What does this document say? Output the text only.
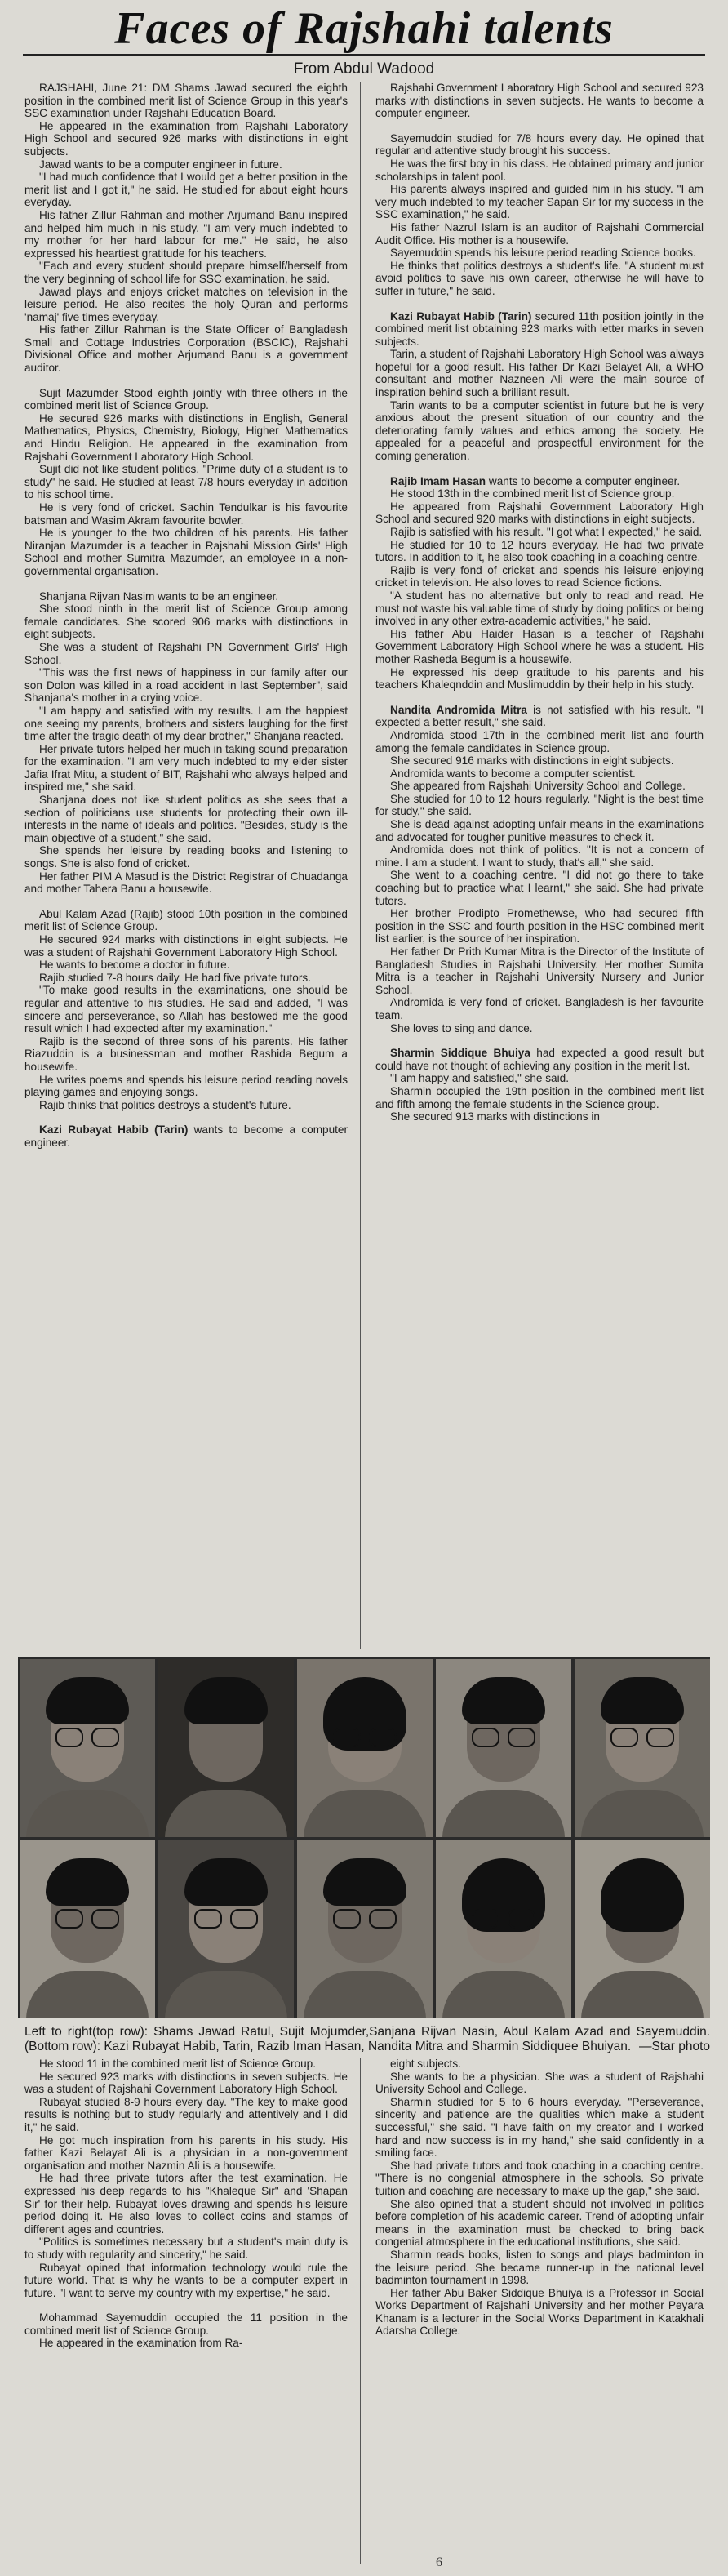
Faces of Rajshahi talents
From Abdul Wadood

RAJSHAHI, June 21: DM Shams Jawad secured the eighth position in the combined merit list of Science Group in this year's SSC examination under Rajshahi Education Board.

He appeared in the examination from Rajshahi Laboratory High School and secured 926 marks with distinctions in eight subjects.

Jawad wants to be a computer engineer in future.

"I had much confidence that I would get a better position in the merit list and I got it," he said. He studied for about eight hours everyday.

His father Zillur Rahman and mother Arjumand Banu inspired and helped him much in his study. "I am very much indebted to my mother for her hard labour for me." He said, he also expressed his heartiest gratitude for his teachers.

"Each and every student should prepare himself/herself from the very beginning of school life for SSC examination, he said.

Jawad plays and enjoys cricket matches on television in the leisure period. He also recites the holy Quran and performs 'namaj' five times everyday.

His father Zillur Rahman is the State Officer of Bangladesh Small and Cottage Industries Corporation (BSCIC), Rajshahi Divisional Office and mother Arjumand Banu is a government auditor.

Sujit Mazumder Stood eighth jointly with three others in the combined merit list of Science Group.

He secured 926 marks with distinctions in English, General Mathematics, Physics, Chemistry, Biology, Higher Mathematics and Hindu Religion. He appeared in the examination from Rajshahi Government Laboratory High School.

Sujit did not like student politics. "Prime duty of a student is to study" he said. He studied at least 7/8 hours everyday in addition to his school time.

He is very fond of cricket. Sachin Tendulkar is his favourite batsman and Wasim Akram favourite bowler.

He is younger to the two children of his parents. His father Niranjan Mazumder is a teacher in Rajshahi Mission Girls' High School and mother Sumitra Mazumder, an employee in a non-governmental organisation.

Shanjana Rijvan Nasim wants to be an engineer.

She stood ninth in the merit list of Science Group among female candidates. She scored 906 marks with distinctions in eight subjects.

She was a student of Rajshahi PN Government Girls' High School.

"This was the first news of happiness in our family after our son Dolon was killed in a road accident in last September", said Shanjana's mother in a crying voice.

"I am happy and satisfied with my results. I am the happiest one seeing my parents, brothers and sisters laughing for the first time after the tragic death of my dear brother," Shanjana reacted.

Her private tutors helped her much in taking sound preparation for the examination. "I am very much indebted to my elder sister Jafia Ifrat Mitu, a student of BIT, Rajshahi who always helped and inspired me," she said.

Shanjana does not like student politics as she sees that a section of politicians use students for protecting their own ill-interests in the name of ideals and politics. "Besides, study is the main objective of a student," she said.

She spends her leisure by reading books and listening to songs. She is also fond of cricket.

Her father PIM A Masud is the District Registrar of Chuadanga and mother Tahera Banu a housewife.

Abul Kalam Azad (Rajib) stood 10th position in the combined merit list of Science Group.

He secured 924 marks with distinctions in eight subjects. He was a student of Rajshahi Government Laboratory High School.

He wants to become a doctor in future.

Rajib studied 7-8 hours daily. He had five private tutors.

"To make good results in the examinations, one should be regular and attentive to his studies. He said and added, "I was sincere and perseverance, so Allah has bestowed me the good result which I had expected after my examination."

Rajib is the second of three sons of his parents. His father Riazuddin is a businessman and mother Rashida Begum a housewife.

He writes poems and spends his leisure period reading novels playing games and enjoying songs.

Rajib thinks that politics destroys a student's future.

Kazi Rubayat Habib (Tarin) wants to become a computer engineer.

Rajshahi Government Laboratory High School and secured 923 marks with distinctions in seven subjects. He wants to become a computer engineer.

Sayemuddin studied for 7/8 hours every day. He opined that regular and attentive study brought his success.

He was the first boy in his class. He obtained primary and junior scholarships in talent pool.

His parents always inspired and guided him in his study. "I am very much indebted to my teacher Sapan Sir for my success in the SSC examination," he said.

His father Nazrul Islam is an auditor of Rajshahi Commercial Audit Office. His mother is a housewife.

Sayemuddin spends his leisure period reading Science books.

He thinks that politics destroys a student's life. "A student must avoid politics to save his own career, otherwise he will have to suffer in future," he said.

Kazi Rubayat Habib (Tarin) secured 11th position jointly in the combined merit list obtaining 923 marks with letter marks in seven subjects.

Tarin, a student of Rajshahi Laboratory High School was always hopeful for a good result. His father Dr Kazi Belayet Ali, a WHO consultant and mother Nazneen Ali were the main source of inspiration behind such a brilliant result.

Tarin wants to be a computer scientist in future but he is very anxious about the present situation of our country and the deteriorating family values and ethics among the society. He appealed for a peaceful and prospectful environment for the coming generation.

Rajib Imam Hasan wants to become a computer engineer.

He stood 13th in the combined merit list of Science group.

He appeared from Rajshahi Government Laboratory High School and secured 920 marks with distinctions in eight subjects.

Rajib is satisfied with his result. "I got what I expected," he said.

He studied for 10 to 12 hours everyday. He had two private tutors. In addition to it, he also took coaching in a coaching centre.

Rajib is very fond of cricket and spends his leisure enjoying cricket in television. He also loves to read Science fictions.

"A student has no alternative but only to read and read. He must not waste his valuable time of study by doing politics or being involved in any other extra-academic activities," he said.

His father Abu Haider Hasan is a teacher of Rajshahi Government Laboratory High School where he was a student. His mother Rasheda Begum is a housewife.

He expressed his deep gratitude to his parents and his teachers Khaleqnddin and Muslimuddin by their help in his study.

Nandita Andromida Mitra is not satisfied with his result. "I expected a better result," she said.

Andromida stood 17th in the combined merit list and fourth among the female candidates in Science group.

She secured 916 marks with distinctions in eight subjects.

Andromida wants to become a computer scientist.

She appeared from Rajshahi University School and College.

She studied for 10 to 12 hours regularly. "Night is the best time for study," she said.

She is dead against adopting unfair means in the examinations and advocated for tougher punitive measures to check it.

Andromida does not think of politics. "It is not a concern of mine. I am a student. I want to study, that's all," she said.

She went to a coaching centre. "I did not go there to take coaching but to practice what I learnt," she said. She had private tutors.

Her brother Prodipto Promethewse, who had secured fifth position in the SSC and fourth position in the HSC combined merit list earlier, is the source of her inspiration.

Her father Dr Prith Kumar Mitra is the Director of the Institute of Bangladesh Studies in Rajshahi University. Her mother Sumita Mitra is a teacher in Rajshahi University Nursery and Junior School.

Andromida is very fond of cricket. Bangladesh is her favourite team.

She loves to sing and dance.

Sharmin Siddique Bhuiya had expected a good result but could have not thought of achieving any position in the merit list.

"I am happy and satisfied," she said.

Sharmin occupied the 19th position in the combined merit list and fifth among the female students in the Science group.

She secured 913 marks with distinctions in

Left to right(top row): Shams Jawad Ratul, Sujit Mojumder,Sanjana Rijvan Nasin, Abul Kalam Azad and Sayemuddin. (Bottom row): Kazi Rubayat Habib, Tarin, Razib Iman Hasan, Nandita Mitra and Sharmin Siddiquee Bhuiyan. —Star photo

He stood 11 in the combined merit list of Science Group.

He secured 923 marks with distinctions in seven subjects. He was a student of Rajshahi Government Laboratory High School.

Rubayat studied 8-9 hours every day. "The key to make good results is nothing but to study regularly and attentively and I did it," he said.

He got much inspiration from his parents in his study. His father Kazi Belayat Ali is a physician in a non-government organisation and mother Nazmin Ali is a housewife.

He had three private tutors after the test examination. He expressed his deep regards to his "Khaleque Sir" and 'Shapan Sir' for their help. Rubayat loves drawing and spends his leisure period doing it. He also loves to collect coins and stamps of different ages and countries.

"Politics is sometimes necessary but a student's main duty is to study with regularity and sincerity," he said.

Rubayat opined that information technology would rule the future world. That is why he wants to be a computer expert in future. "I want to serve my country with my expertise," he said.

Mohammad Sayemuddin occupied the 11 position in the combined merit list of Science Group.

He appeared in the examination from Ra-

eight subjects.

She wants to be a physician. She was a student of Rajshahi University School and College.

Sharmin studied for 5 to 6 hours everyday. "Perseverance, sincerity and patience are the qualities which make a student successful," she said. "I have faith on my creator and I worked hard and now success is in my hand," she said confidently in a smiling face.

She had private tutors and took coaching in a coaching centre. "There is no congenial atmosphere in the schools. So private tuition and coaching are necessary to make up the gap," she said.

She also opined that a student should not involved in politics before completion of his academic career. Trend of adopting unfair means in the examination must be checked to bring back congenial atmosphere in the educational institutions, she said.

Sharmin reads books, listen to songs and plays badminton in the leisure period. She became runner-up in the national level badminton tournament in 1998.

Her father Abu Baker Siddique Bhuiya is a Professor in Social Works Department of Rajshahi University and her mother Peyara Khanam is a lecturer in the Social Works Department in Katakhali Adarsha College.

6
